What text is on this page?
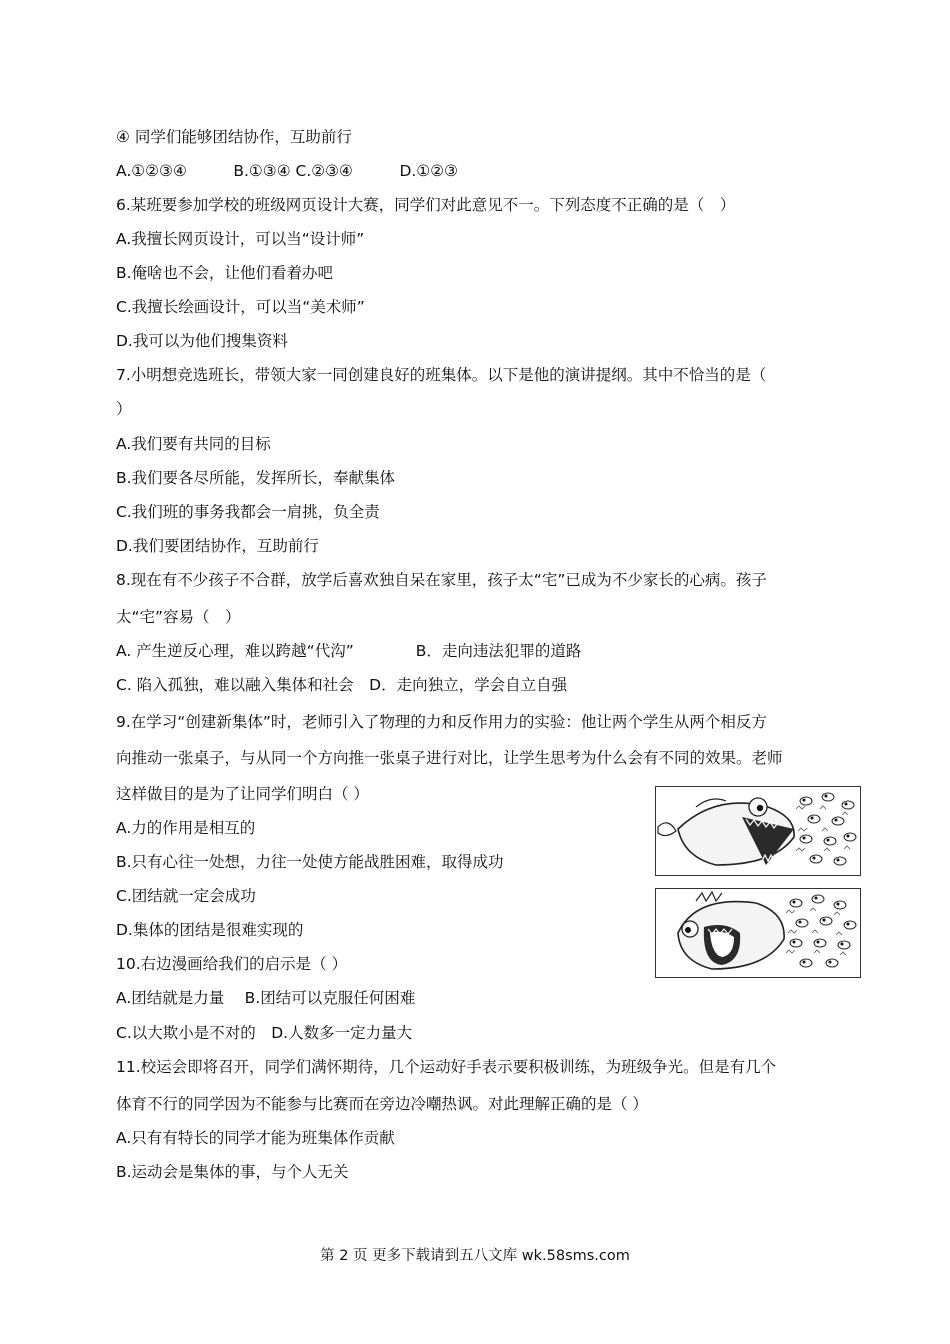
④ 同学们能够团结协作，互助前行
A.①②③④　　　B.①③④ C.②③④　　　D.①②③
6.某班要参加学校的班级网页设计大赛，同学们对此意见不一。下列态度不正确的是（　）
A.我擅长网页设计，可以当“设计师”
B.俺啥也不会，让他们看着办吧
C.我擅长绘画设计，可以当“美术师”
D.我可以为他们搜集资料
7.小明想竞选班长，带领大家一同创建良好的班集体。以下是他的演讲提纲。其中不恰当的是（
）
A.我们要有共同的目标
B.我们要各尽所能，发挥所长，奉献集体
C.我们班的事务我都会一肩挑，负全责
D.我们要团结协作，互助前行
8.现在有不少孩子不合群，放学后喜欢独自呆在家里，孩子太“宅”已成为不少家长的心病。孩子
太“宅”容易（　）
A. 产生逆反心理，难以跨越“代沟”　　　　B．走向违法犯罪的道路
C. 陷入孤独，难以融入集体和社会　D．走向独立，学会自立自强
9.在学习“创建新集体”时，老师引入了物理的力和反作用力的实验：他让两个学生从两个相反方
向推动一张桌子，与从同一个方向推一张桌子进行对比，让学生思考为什么会有不同的效果。老师
这样做目的是为了让同学们明白（ ）
A.力的作用是相互的
B.只有心往一处想，力往一处使方能战胜困难，取得成功
C.团结就一定会成功
D.集体的团结是很难实现的
10.右边漫画给我们的启示是（ ）
A.团结就是力量　 B.团结可以克服任何困难
C.以大欺小是不对的　D.人数多一定力量大
11.校运会即将召开，同学们满怀期待，几个运动好手表示要积极训练，为班级争光。但是有几个
体育不行的同学因为不能参与比赛而在旁边冷嘲热讽。对此理解正确的是（ ）
A.只有有特长的同学才能为班集体作贡献
B.运动会是集体的事，与个人无关
第 2 页 更多下载请到五八文库 wk.58sms.com
